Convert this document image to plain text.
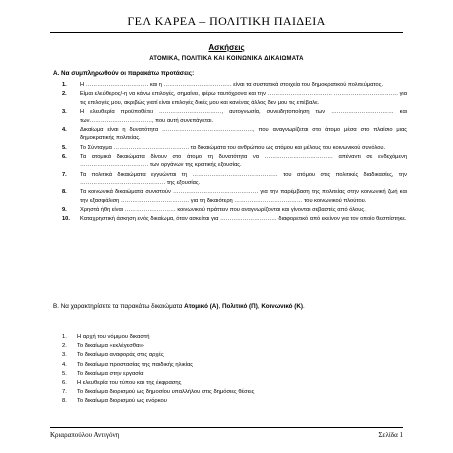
ΓΕΛ ΚΑΡΕΑ – ΠΟΛΙΤΙΚΗ ΠΑΙΔΕΙΑ
Ασκήσεις
ΑΤΟΜΙΚΑ, ΠΟΛΙΤΙΚΑ ΚΑΙ ΚΟΙΝΩΝΙΚΑ ΔΙΚΑΙΩΜΑΤΑ
Α. Να συμπληρωθούν οι παρακάτω προτάσεις:
1. Η …………………………… και η ……………………………… είναι τα συστατικά στοιχεία του δημοκρατικού πολιτεύματος.
2. Είμαι ελεύθερος/-η να κάνω επιλογές, σημαίνει, φέρω ταυτόχρονα και την ……………………………. ……………………………. για τις επιλογές μου, ακριβώς γιατί είναι επιλογές δικές μου και κανένας άλλος δεν μου τις επέβαλε.
3. Η ελευθερία προϋποθέτει ……………………………, αυτογνωσία, συνειδητοποίηση των …………………………… και των……………………………, που αυτή συνεπάγεται.
4. Δικαίωμα είναι η δυνατότητα …………………………………………, που αναγνωρίζεται στο άτομο μέσα στο πλαίσιο μιας δημοκρατικής πολιτείας.
5. Το Σύνταγμα …………………………………. τα δικαιώματα του ανθρώπου ως ατόμου και μέλους του κοινωνικού συνόλου.
6. Τα ατομικά δικαιώματα δίνουν στο άτομο τη δυνατότητα να ……………………………… απέναντι σε ενδεχόμενη ……………………………… των οργάνων της κρατικής εξουσίας.
7. Τα πολιτικά δικαιώματα εγγυώνται τη ……………………………………… του ατόμου στις πολιτικές διαδικασίες, την ……………………………………… της εξουσίας.
8. Τα κοινωνικά δικαιώματα συνιστούν ……………………………………… για την παρέμβαση της πολιτείας στην κοινωνική ζωή και την εξασφάλιση ……………………………… για τη δικαιότερη ……………………………… του κοινωνικού πλούτου.
9. Χρηστά ήθη είναι ……………………… κοινωνικού πράττειν που αναγνωρίζονται και γίνονται σεβαστές από όλους.
10. Καταχρηστική άσκηση ενός δικαίωμα, όταν ασκείται για ………………………… διαφορετικό από εκείνον για τον οποίο θεσπίστηκε.
Β. Να χαρακτηρίσετε τα παρακάτω δικαιώματα Ατομικό (Α), Πολιτικό (Π), Κοινωνικό (Κ).
1. Η αρχή του νόμιμου δικαστή
2. Το δικαίωμα «εκλέγεσθαι»
3. Το δικαίωμα αναφοράς στις αρχές
4. Το δικαίωμα προστασίας της παιδικής ηλικίας
5. Το δικαίωμα στην εργασία
6. Η ελευθερία του τύπου και της έκφρασης
7. Το δικαίωμα διορισμού ως δημοσίου υπαλλήλου στις δημόσιες θέσεις
8. Το δικαίωμα διορισμού ως ενόρκου
Κριαραπούλου Αντιγόνη	Σελίδα 1
